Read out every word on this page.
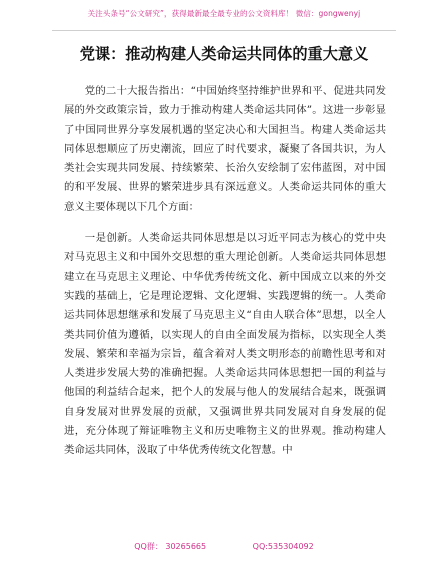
关注头条号“公文研究”，获得最新最全最专业的公文资料库！ 微信：gongwenyj
党课：推动构建人类命运共同体的重大意义

党的二十大报告指出：“中国始终坚持维护世界和平、促进共同发展的外交政策宗旨，致力于推动构建人类命运共同体”。这进一步彰显了中国同世界分享发展机遇的坚定决心和大国担当。构建人类命运共同体思想顺应了历史潮流，回应了时代要求，凝聚了各国共识，为人类社会实现共同发展、持续繁荣、长治久安绘制了宏伟蓝图，对中国的和平发展、世界的繁荣进步具有深远意义。人类命运共同体的重大意义主要体现以下几个方面：

一是创新。人类命运共同体思想是以习近平同志为核心的党中央对马克思主义和中国外交思想的重大理论创新。人类命运共同体思想建立在马克思主义理论、中华优秀传统文化、新中国成立以来的外交实践的基础上，它是理论逻辑、文化逻辑、实践逻辑的统一。人类命运共同体思想继承和发展了马克思主义“自由人联合体”思想，以全人类共同价值为遵循，以实现人的自由全面发展为指标，以实现全人类发展、繁荣和幸福为宗旨，蕴含着对人类文明形态的前瞻性思考和对人类进步发展大势的准确把握。人类命运共同体思想把一国的利益与他国的利益结合起来，把个人的发展与他人的发展结合起来，既强调自身发展对世界发展的贡献，又强调世界共同发展对自身发展的促进，充分体现了辩证唯物主义和历史唯物主义的世界观。推动构建人类命运共同体，汲取了中华优秀传统文化智慧。中

QQ群： 30265665	QQ:535304092
